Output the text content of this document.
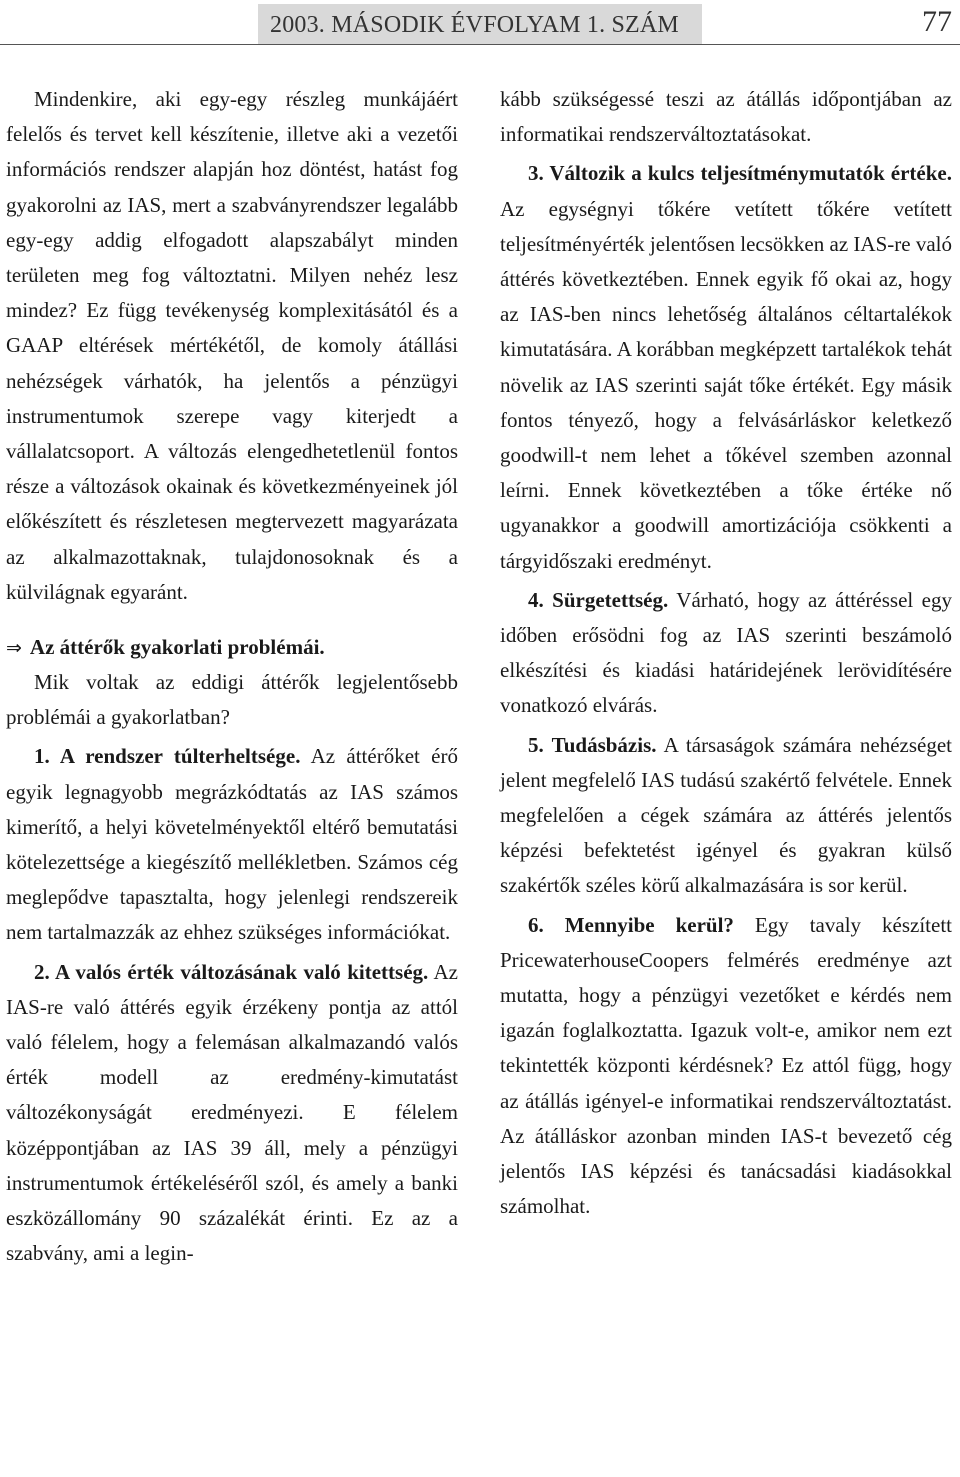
2003. MÁSODIK ÉVFOLYAM 1. SZÁM	77

Mindenkire, aki egy-egy részleg munkájáért felelős és tervet kell készítenie, illetve aki a vezetői információs rendszer alapján hoz döntést, hatást fog gyakorolni az IAS, mert a szabványrendszer legalább egy-egy addig elfogadott alapszabályt minden területen meg fog változtatni. Milyen nehéz lesz mindez? Ez függ tevékenység komplexitásától és a GAAP eltérések mértékétől, de komoly átállási nehézségek várhatók, ha jelentős a pénzügyi instrumentumok szerepe vagy kiterjedt a vállalatcsoport. A változás elengedhetetlenül fontos része a változások okainak és következményeinek jól előkészített és részletesen megtervezett magyarázata az alkalmazottaknak, tulajdonosoknak és a külvilágnak egyaránt.

⇒ Az áttérők gyakorlati problémái.

Mik voltak az eddigi áttérők legjelentősebb problémái a gyakorlatban?

1. A rendszer túlterheltsége. Az áttérőket érő egyik legnagyobb megrázkódtatás az IAS számos kimerítő, a helyi követelményektől eltérő bemutatási kötelezettsége a kiegészítő mellékletben. Számos cég meglepődve tapasztalta, hogy jelenlegi rendszereik nem tartalmazzák az ehhez szükséges információkat.

2. A valós érték változásának való kitettség. Az IAS-re való áttérés egyik érzékeny pontja az attól való félelem, hogy a felemásan alkalmazandó valós érték modell az eredmény-kimutatást változékonyságát eredményezi. E félelem középpontjában az IAS 39 áll, mely a pénzügyi instrumentumok értékeléséről szól, és amely a banki eszközállomány 90 százalékát érinti. Ez az a szabvány, ami a legin-

kább szükségessé teszi az átállás időpontjában az informatikai rendszerváltoztatásokat.

3. Változik a kulcs teljesítménymutatók értéke. Az egységnyi tőkére vetített tőkére vetített teljesítményérték jelentősen lecsökken az IAS-re való áttérés következtében. Ennek egyik fő okai az, hogy az IAS-ben nincs lehetőség általános céltartalékok kimutatására. A korábban megképzett tartalékok tehát növelik az IAS szerinti saját tőke értékét. Egy másik fontos tényező, hogy a felvásárláskor keletkező goodwill-t nem lehet a tőkével szemben azonnal leírni. Ennek következtében a tőke értéke nő ugyanakkor a goodwill amortizációja csökkenti a tárgyidőszaki eredményt.

4. Sürgetettség. Várható, hogy az áttéréssel egy időben erősödni fog az IAS szerinti beszámoló elkészítési és kiadási határidejének lerövidítésére vonatkozó elvárás.

5. Tudásbázis. A társaságok számára nehézséget jelent megfelelő IAS tudású szakértő felvétele. Ennek megfelelően a cégek számára az áttérés jelentős képzési befektetést igényel és gyakran külső szakértők széles körű alkalmazására is sor kerül.

6. Mennyibe kerül? Egy tavaly készített PricewaterhouseCoopers felmérés eredménye azt mutatta, hogy a pénzügyi vezetőket e kérdés nem igazán foglalkoztatta. Igazuk volt-e, amikor nem ezt tekintették központi kérdésnek? Ez attól függ, hogy az átállás igényel-e informatikai rendszerváltoztatást. Az átálláskor azonban minden IAS-t bevezető cég jelentős IAS képzési és tanácsadási kiadásokkal számolhat.
